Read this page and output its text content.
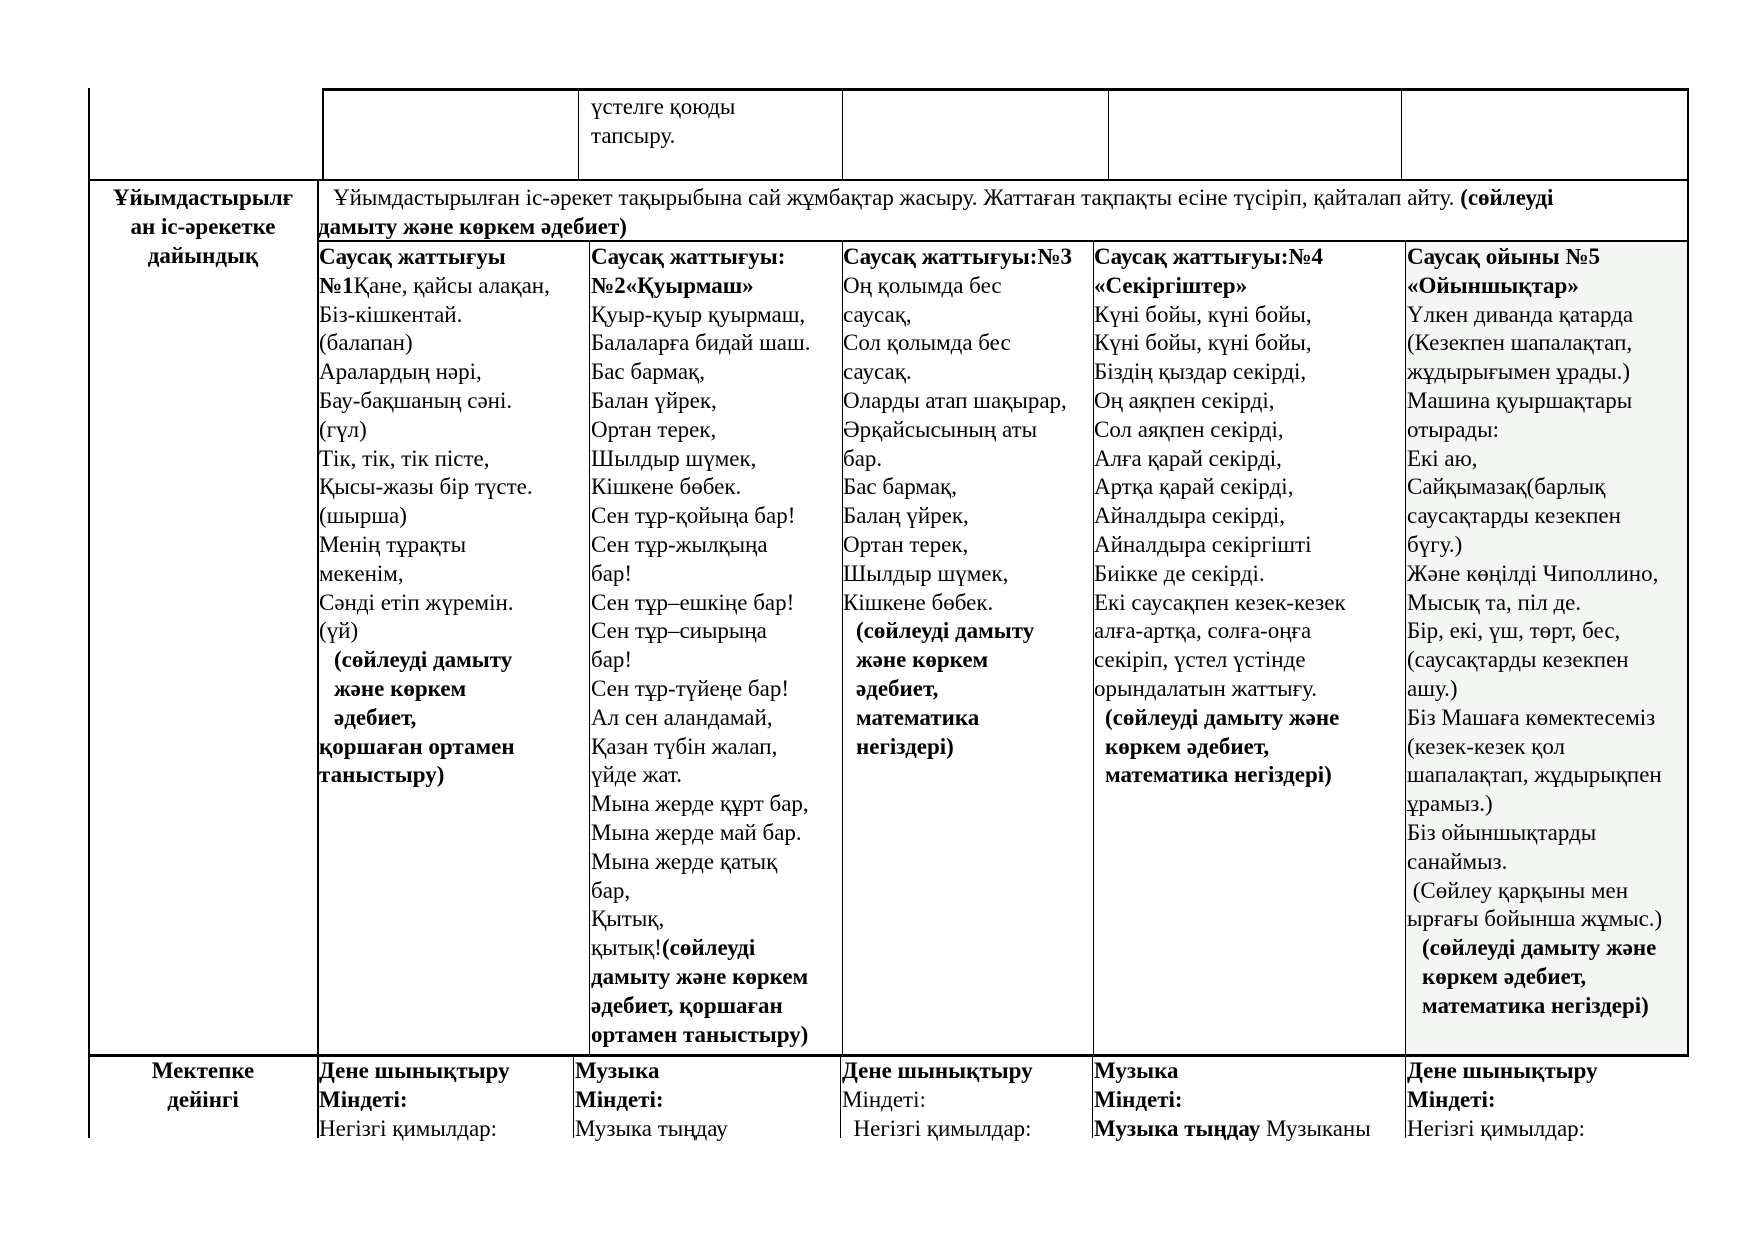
үстелге қоюды
тапсыру.
Ұйымдастырылғ
ан іс-әрекетке
дайындық
Ұйымдастырылған іс-әрекет тақырыбына сай жұмбақтар жасыру. Жаттаған тақпақты есіне түсіріп, қайталап айту. (сөйлеуді
дамыту және көркем әдебиет)
Саусақ жаттығуы
№1Қане, қайсы алақан,
Біз-кішкентай.
(балапан)
Аралардың нәрі,
Бау-бақшаның сәні.
(гүл)
Тік, тік, тік пісте,
Қысы-жазы бір түсте.
(шырша)
Менің тұрақты
мекенім,
Сәнді етіп жүремін.
(үй)
(сөйлеуді дамыту
және көркем
әдебиет,
қоршаған ортамен
таныстыру)
Саусақ жаттығуы:
№2«Қуырмаш»
Қуыр-қуыр қуырмаш,
Балаларға бидай шаш.
Бас бармақ,
Балан үйрек,
Ортан терек,
Шылдыр шүмек,
Кішкене бөбек.
Сен тұр-қойыңа бар!
Сен тұр-жылқыңа
бар!
Сен тұр–ешкіңе бар!
Сен тұр–сиырыңа
бар!
Сен тұр-түйеңе бар!
Ал сен аландамай,
Қазан түбін жалап,
үйде жат.
Мына жерде құрт бар,
Мына жерде май бар.
Мына жерде қатық
бар,
Қытық,
қытық!(сөйлеуді
дамыту және көркем
әдебиет, қоршаған
ортамен таныстыру)
Саусақ жаттығуы:№3
Оң қолымда бес
саусақ,
Сол қолымда бес
саусақ.
Оларды атап шақырар,
Әрқайсысының аты
бар.
Бас бармақ,
Балаң үйрек,
Ортан терек,
Шылдыр шүмек,
Кішкене бөбек.
(сөйлеуді дамыту
және көркем
әдебиет,
математика
негіздері)
Саусақ жаттығуы:№4
«Секіргіштер»
Күні бойы, күні бойы,
Күні бойы, күні бойы,
Біздің қыздар секірді,
Оң аяқпен секірді,
Сол аяқпен секірді,
Алға қарай секірді,
Артқа қарай секірді,
Айналдыра секірді,
Айналдыра секіргішті
Биікке де секірді.
Екі саусақпен кезек-кезек
алға-артқа, солға-оңға
секіріп, үстел үстінде
орындалатын жаттығу.
(сөйлеуді дамыту және
көркем әдебиет,
математика негіздері)
Саусақ ойыны №5
«Ойыншықтар»
Үлкен диванда қатарда
(Кезекпен шапалақтап,
жұдырығымен ұрады.)
Машина қуыршақтары
отырады:
Екі аю,
Сайқымазақ(барлық
саусақтарды кезекпен
бүгу.)
Және көңілді Чиполлино,
Мысық та, піл де.
Бір, екі, үш, төрт, бес,
(саусақтарды кезекпен
ашу.)
Біз Машаға көмектесеміз
(кезек-кезек қол
шапалақтап, жұдырықпен
ұрамыз.)
Біз ойыншықтарды
санаймыз.
(Сөйлеу қарқыны мен
ырғағы бойынша жұмыс.)
(сөйлеуді дамыту және
көркем әдебиет,
математика негіздері)
Мектепке
дейінгі
Дене шынықтыру
Міндеті:
Негізгі қимылдар:
Музыка
Міндеті:
Музыка тыңдау
Дене шынықтыру
Міндеті:
Негізгі қимылдар:
Музыка
Міндеті:
Музыка тыңдау Музыканы
Дене шынықтыру
Міндеті:
Негізгі қимылдар:
